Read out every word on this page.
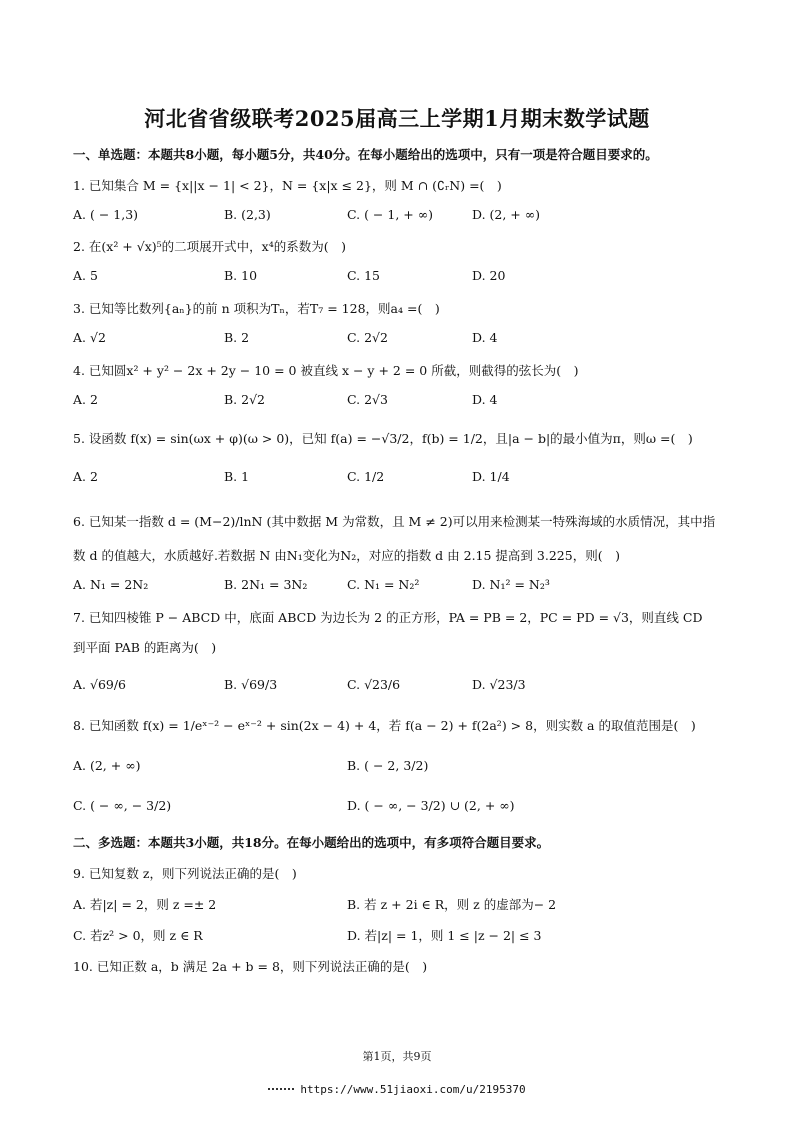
河北省省级联考2025届高三上学期1月期末数学试题
一、单选题：本题共8小题，每小题5分，共40分。在每小题给出的选项中，只有一项是符合题目要求的。
1. 已知集合 M = {x||x − 1| < 2}，N = {x|x ≤ 2}，则 M ∩ (∁ᵣN) =(　)
A. ( − 1,3)	B. (2,3)	C. ( − 1, + ∞)	D. (2, + ∞)
2. 在(x² + √x)⁵的二项展开式中，x⁴的系数为(　)
A. 5	B. 10	C. 15	D. 20
3. 已知等比数列{aₙ}的前 n 项积为Tₙ，若T₇ = 128，则a₄ =(　)
A. √2	B. 2	C. 2√2	D. 4
4. 已知圆x² + y² − 2x + 2y − 10 = 0 被直线 x − y + 2 = 0 所截，则截得的弦长为(　)
A. 2	B. 2√2	C. 2√3	D. 4
5. 设函数 f(x) = sin(ωx + φ)(ω > 0)，已知 f(a) = −√3/2，f(b) = 1/2，且|a − b|的最小值为π，则ω =(　)
A. 2	B. 1	C. 1/2	D. 1/4
6. 已知某一指数 d = (M−2)/lnN (其中数据 M 为常数，且 M ≠ 2)可以用来检测某一特殊海域的水质情况，其中指
数 d 的值越大，水质越好.若数据 N 由N₁变化为N₂，对应的指数 d 由 2.15 提高到 3.225，则(　)
A. N₁ = 2N₂	B. 2N₁ = 3N₂	C. N₁ = N₂²	D. N₁² = N₂³
7. 已知四棱锥 P − ABCD 中，底面 ABCD 为边长为 2 的正方形，PA = PB = 2，PC = PD = √3，则直线 CD
到平面 PAB 的距离为(　)
A. √69/6	B. √69/3	C. √23/6	D. √23/3
8. 已知函数 f(x) = 1/eˣ⁻² − eˣ⁻² + sin(2x − 4) + 4，若 f(a − 2) + f(2a²) > 8，则实数 a 的取值范围是(　)
A. (2, + ∞)	B. ( − 2, 3/2)
C. ( − ∞, − 3/2)	D. ( − ∞, − 3/2) ∪ (2, + ∞)
二、多选题：本题共3小题，共18分。在每小题给出的选项中，有多项符合题目要求。
9. 已知复数 z，则下列说法正确的是(　)
A. 若|z| = 2，则 z =± 2	B. 若 z + 2i ∈ R，则 z 的虚部为− 2
C. 若z² > 0，则 z ∈ R	D. 若|z| = 1，则 1 ≤ |z − 2| ≤ 3
10. 已知正数 a，b 满足 2a + b = 8，则下列说法正确的是(　)
第1页，共9页
https://www.51jiaoxi.com/u/2195370
